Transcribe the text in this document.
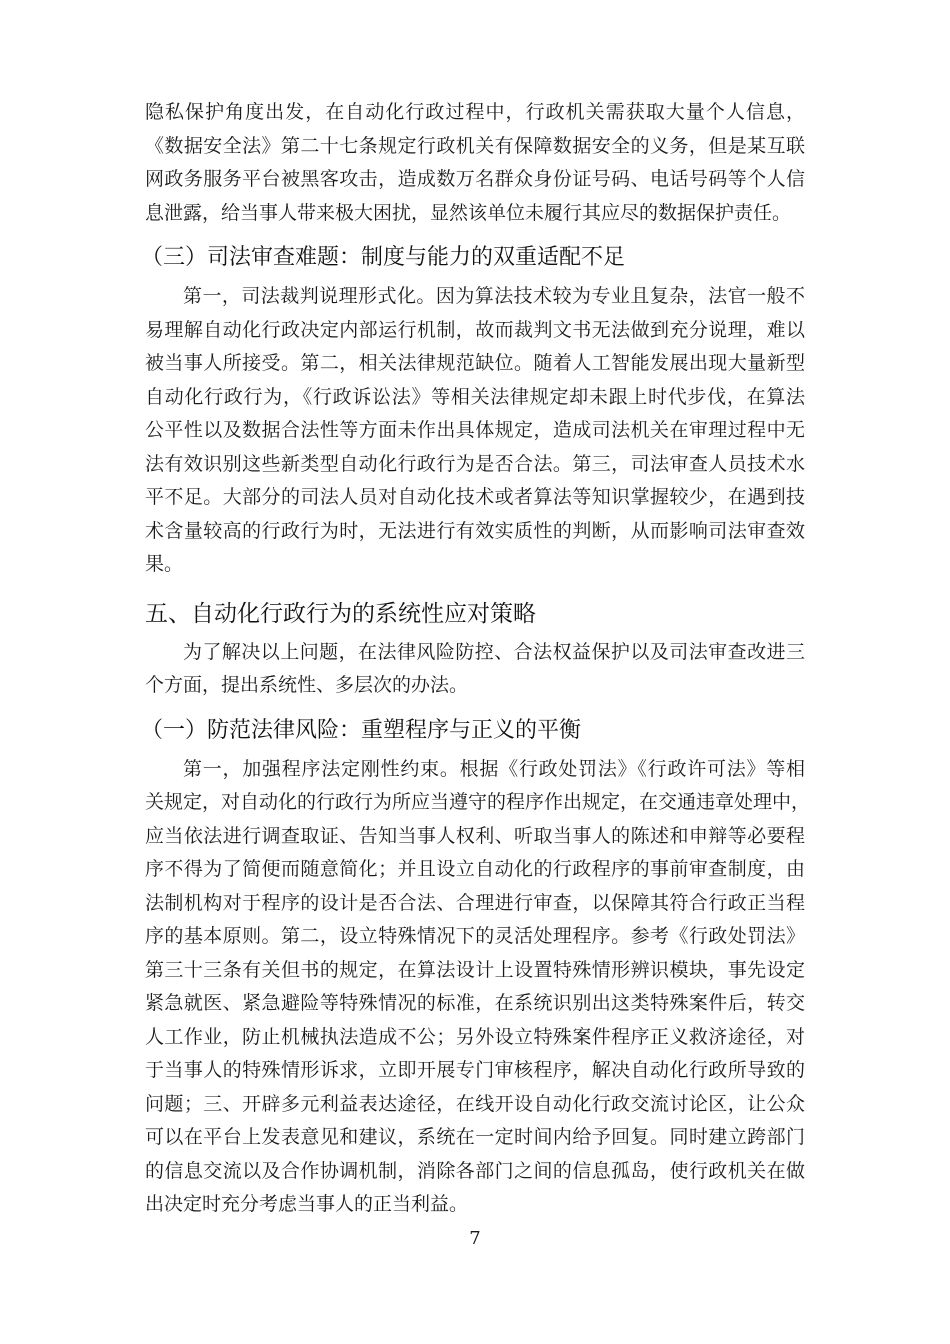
隐私保护角度出发，在自动化行政过程中，行政机关需获取大量个人信息，
《数据安全法》第二十七条规定行政机关有保障数据安全的义务，但是某互联
网政务服务平台被黑客攻击，造成数万名群众身份证号码、电话号码等个人信
息泄露，给当事人带来极大困扰，显然该单位未履行其应尽的数据保护责任。
（三）司法审查难题：制度与能力的双重适配不足
第一，司法裁判说理形式化。因为算法技术较为专业且复杂，法官一般不
易理解自动化行政决定内部运行机制，故而裁判文书无法做到充分说理，难以
被当事人所接受。第二，相关法律规范缺位。随着人工智能发展出现大量新型
自动化行政行为，《行政诉讼法》等相关法律规定却未跟上时代步伐，在算法
公平性以及数据合法性等方面未作出具体规定，造成司法机关在审理过程中无
法有效识别这些新类型自动化行政行为是否合法。第三，司法审查人员技术水
平不足。大部分的司法人员对自动化技术或者算法等知识掌握较少，在遇到技
术含量较高的行政行为时，无法进行有效实质性的判断，从而影响司法审查效
果。
五、自动化行政行为的系统性应对策略
为了解决以上问题，在法律风险防控、合法权益保护以及司法审查改进三
个方面，提出系统性、多层次的办法。
（一）防范法律风险：重塑程序与正义的平衡
第一，加强程序法定刚性约束。根据《行政处罚法》《行政许可法》等相
关规定，对自动化的行政行为所应当遵守的程序作出规定，在交通违章处理中，
应当依法进行调查取证、告知当事人权利、听取当事人的陈述和申辩等必要程
序不得为了简便而随意简化；并且设立自动化的行政程序的事前审查制度，由
法制机构对于程序的设计是否合法、合理进行审查，以保障其符合行政正当程
序的基本原则。第二，设立特殊情况下的灵活处理程序。参考《行政处罚法》
第三十三条有关但书的规定，在算法设计上设置特殊情形辨识模块，事先设定
紧急就医、紧急避险等特殊情况的标准，在系统识别出这类特殊案件后，转交
人工作业，防止机械执法造成不公；另外设立特殊案件程序正义救济途径，对
于当事人的特殊情形诉求，立即开展专门审核程序，解决自动化行政所导致的
问题；三、开辟多元利益表达途径，在线开设自动化行政交流讨论区，让公众
可以在平台上发表意见和建议，系统在一定时间内给予回复。同时建立跨部门
的信息交流以及合作协调机制，消除各部门之间的信息孤岛，使行政机关在做
出决定时充分考虑当事人的正当利益。
7
